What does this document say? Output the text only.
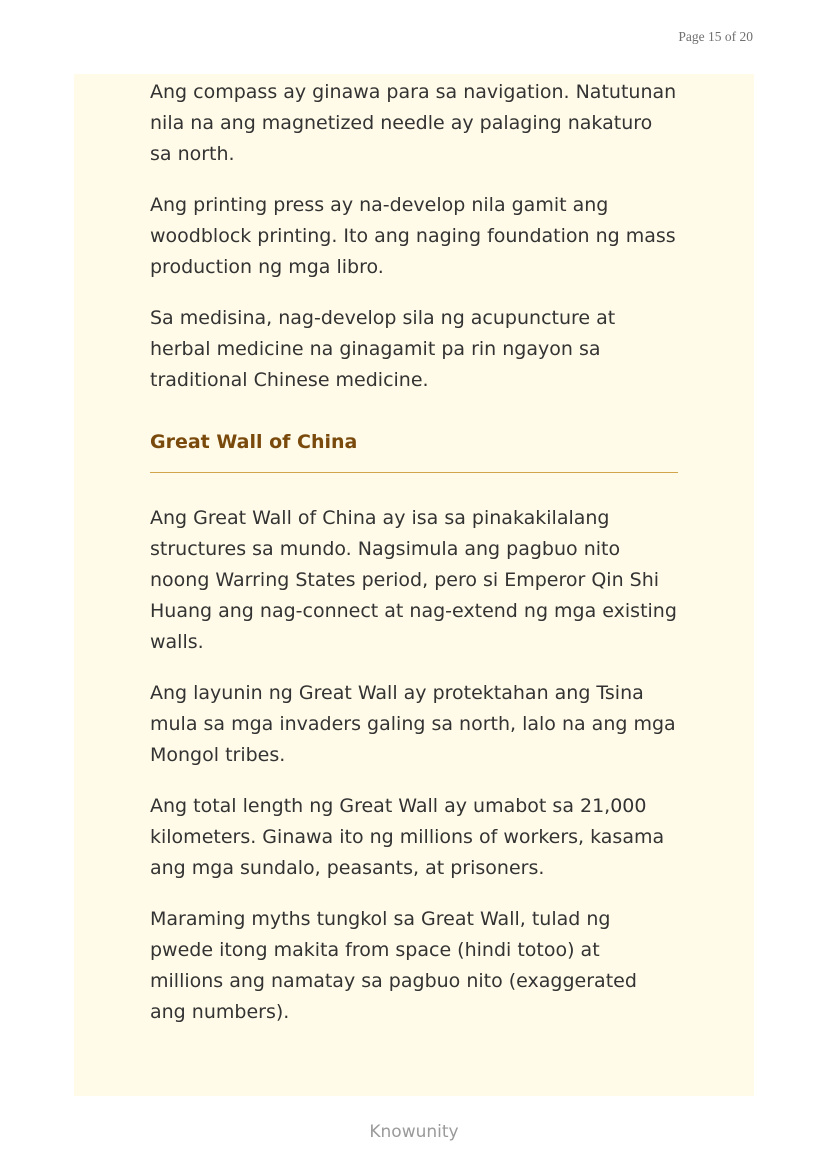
Page 15 of 20

Ang compass ay ginawa para sa navigation. Natutunan nila na ang magnetized needle ay palaging nakaturo sa north.

Ang printing press ay na-develop nila gamit ang woodblock printing. Ito ang naging foundation ng mass production ng mga libro.

Sa medisina, nag-develop sila ng acupuncture at herbal medicine na ginagamit pa rin ngayon sa traditional Chinese medicine.

Great Wall of China

Ang Great Wall of China ay isa sa pinakakilalang structures sa mundo. Nagsimula ang pagbuo nito noong Warring States period, pero si Emperor Qin Shi Huang ang nag-connect at nag-extend ng mga existing walls.

Ang layunin ng Great Wall ay protektahan ang Tsina mula sa mga invaders galing sa north, lalo na ang mga Mongol tribes.

Ang total length ng Great Wall ay umabot sa 21,000 kilometers. Ginawa ito ng millions of workers, kasama ang mga sundalo, peasants, at prisoners.

Maraming myths tungkol sa Great Wall, tulad ng pwede itong makita from space (hindi totoo) at millions ang namatay sa pagbuo nito (exaggerated ang numbers).

Knowunity
